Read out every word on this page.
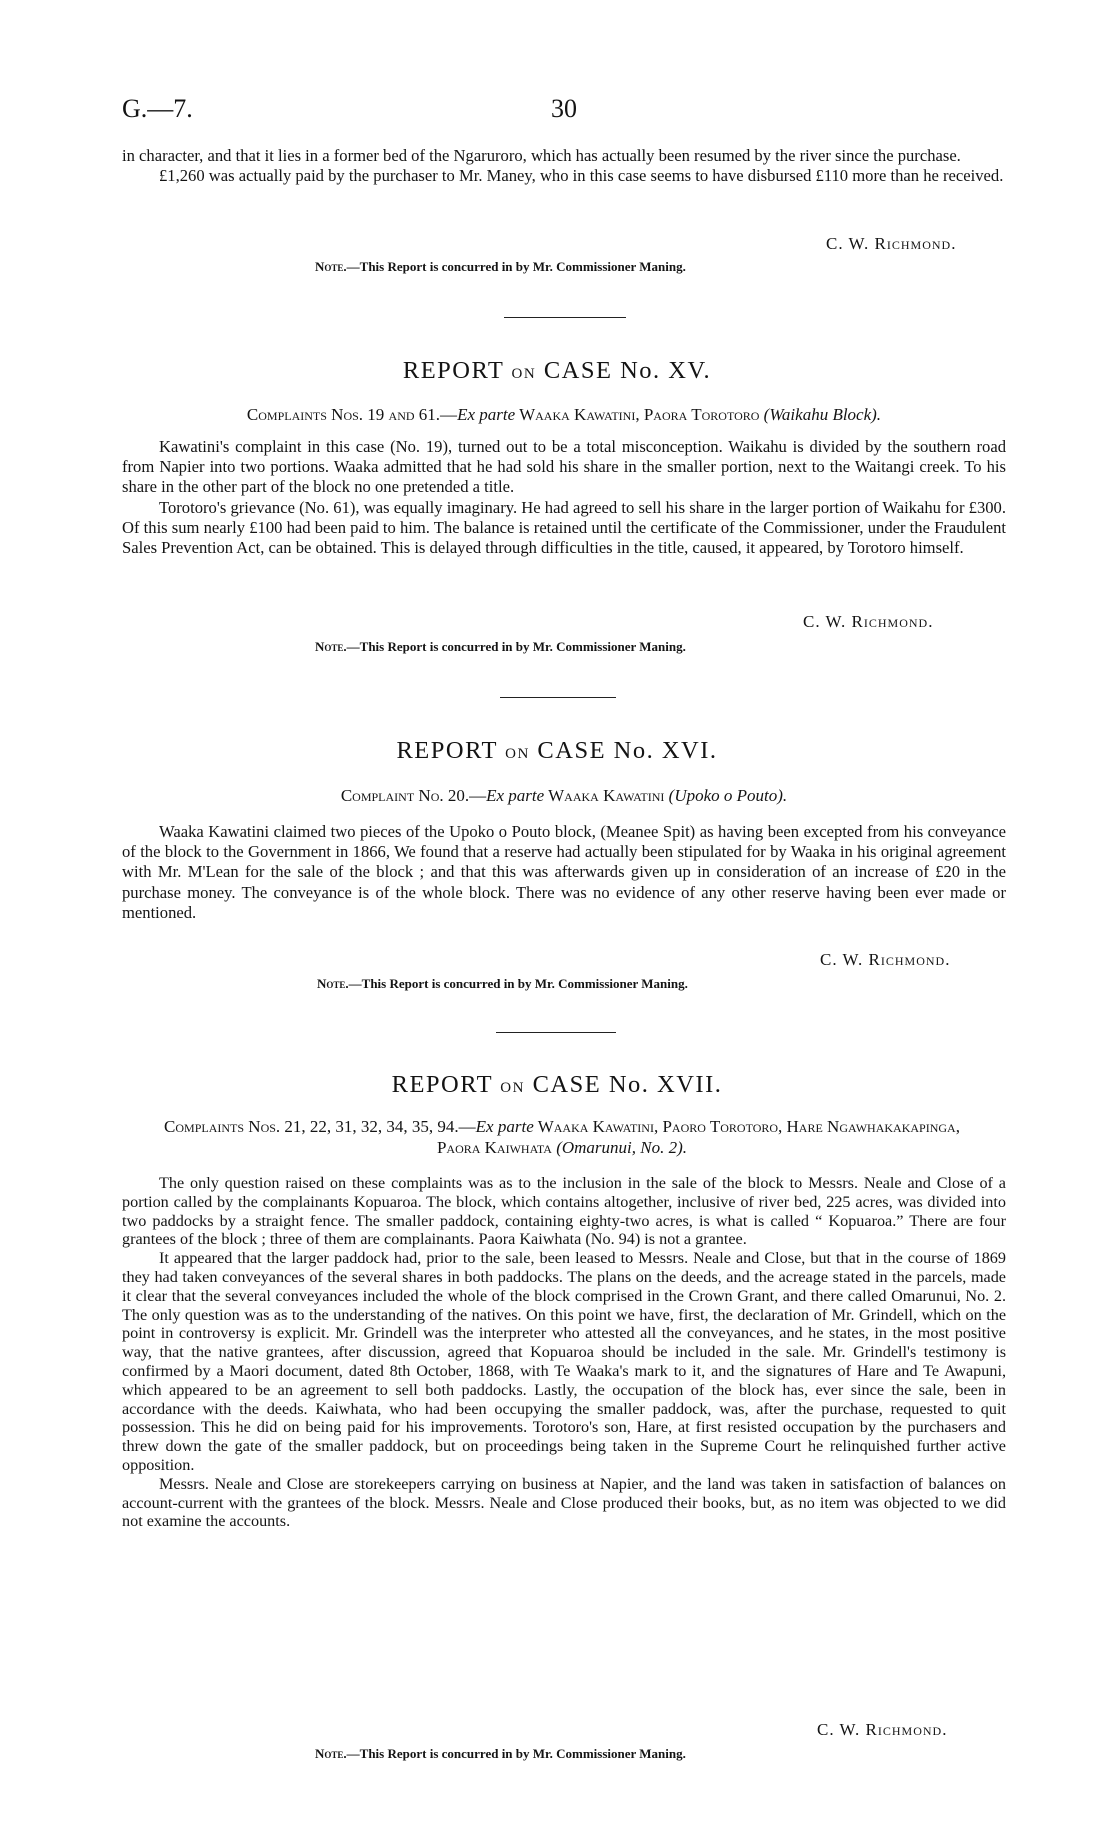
G.—7.	30

in character, and that it lies in a former bed of the Ngaruroro, which has actually been resumed by the river since the purchase.

£1,260 was actually paid by the purchaser to Mr. Maney, who in this case seems to have disbursed £110 more than he received.

C. W. Richmond.
Note.—This Report is concurred in by Mr. Commissioner Maning.
REPORT on CASE No. XV.
Complaints Nos. 19 and 61.—Ex parte Waaka Kawatini, Paora Torotoro (Waikahu Block).

Kawatini's complaint in this case (No. 19), turned out to be a total misconception. Waikahu is divided by the southern road from Napier into two portions. Waaka admitted that he had sold his share in the smaller portion, next to the Waitangi creek. To his share in the other part of the block no one pretended a title.

Torotoro's grievance (No. 61), was equally imaginary. He had agreed to sell his share in the larger portion of Waikahu for £300. Of this sum nearly £100 had been paid to him. The balance is retained until the certificate of the Commissioner, under the Fraudulent Sales Prevention Act, can be obtained. This is delayed through difficulties in the title, caused, it appeared, by Torotoro himself.

C. W. Richmond.
Note.—This Report is concurred in by Mr. Commissioner Maning.
REPORT on CASE No. XVI.
Complaint No. 20.—Ex parte Waaka Kawatini (Upoko o Pouto).

Waaka Kawatini claimed two pieces of the Upoko o Pouto block, (Meanee Spit) as having been excepted from his conveyance of the block to the Government in 1866, We found that a reserve had actually been stipulated for by Waaka in his original agreement with Mr. M'Lean for the sale of the block ; and that this was afterwards given up in consideration of an increase of £20 in the purchase money. The conveyance is of the whole block. There was no evidence of any other reserve having been ever made or mentioned.

C. W. Richmond.
Note.—This Report is concurred in by Mr. Commissioner Maning.
REPORT on CASE No. XVII.
Complaints Nos. 21, 22, 31, 32, 34, 35, 94.—Ex parte Waaka Kawatini, Paoro Torotoro, Hare Ngawhakakapinga, Paora Kaiwhata (Omarunui, No. 2).

The only question raised on these complaints was as to the inclusion in the sale of the block to Messrs. Neale and Close of a portion called by the complainants Kopuaroa. The block, which contains altogether, inclusive of river bed, 225 acres, was divided into two paddocks by a straight fence. The smaller paddock, containing eighty-two acres, is what is called “ Kopuaroa.” There are four grantees of the block ; three of them are complainants. Paora Kaiwhata (No. 94) is not a grantee.

It appeared that the larger paddock had, prior to the sale, been leased to Messrs. Neale and Close, but that in the course of 1869 they had taken conveyances of the several shares in both paddocks. The plans on the deeds, and the acreage stated in the parcels, made it clear that the several conveyances included the whole of the block comprised in the Crown Grant, and there called Omarunui, No. 2. The only question was as to the understanding of the natives. On this point we have, first, the declaration of Mr. Grindell, which on the point in controversy is explicit. Mr. Grindell was the interpreter who attested all the conveyances, and he states, in the most positive way, that the native grantees, after discussion, agreed that Kopuaroa should be included in the sale. Mr. Grindell's testimony is confirmed by a Maori document, dated 8th October, 1868, with Te Waaka's mark to it, and the signatures of Hare and Te Awapuni, which appeared to be an agreement to sell both paddocks. Lastly, the occupation of the block has, ever since the sale, been in accordance with the deeds. Kaiwhata, who had been occupying the smaller paddock, was, after the purchase, requested to quit possession. This he did on being paid for his improvements. Torotoro's son, Hare, at first resisted occupation by the purchasers and threw down the gate of the smaller paddock, but on proceedings being taken in the Supreme Court he relinquished further active opposition.

Messrs. Neale and Close are storekeepers carrying on business at Napier, and the land was taken in satisfaction of balances on account-current with the grantees of the block. Messrs. Neale and Close produced their books, but, as no item was objected to we did not examine the accounts.

C. W. Richmond.
Note.—This Report is concurred in by Mr. Commissioner Maning.
